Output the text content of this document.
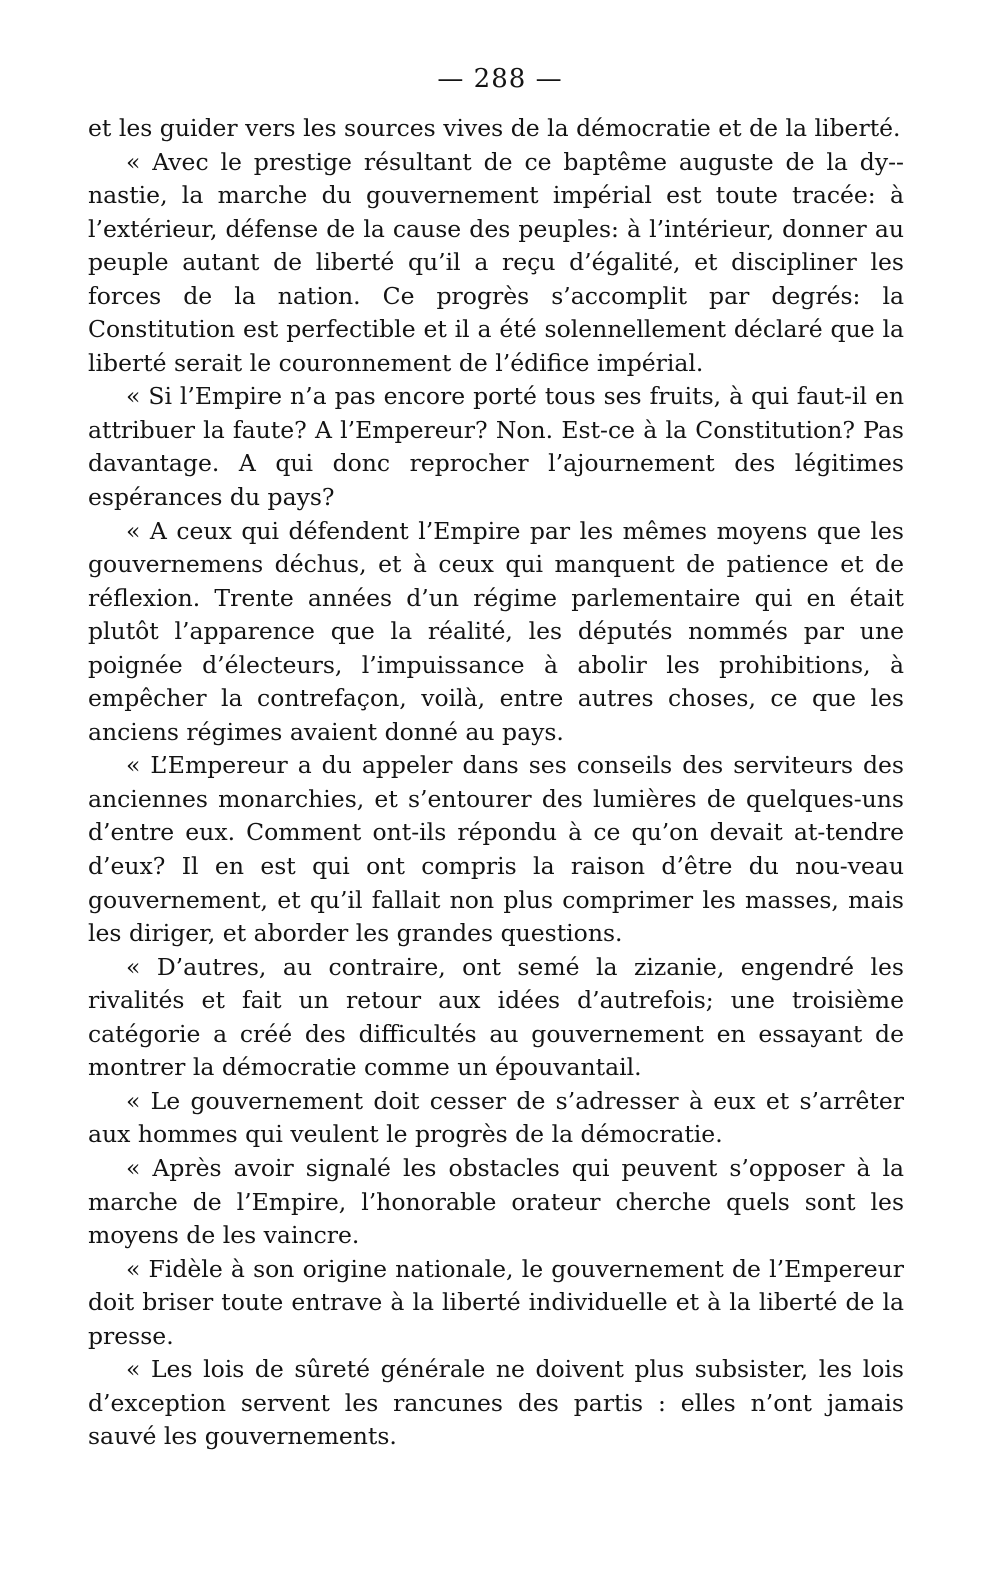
— 288 —

et les guider vers les sources vives de la démocratie et de la liberté.

« Avec le prestige résultant de ce baptême auguste de la dy-nastie, la marche du gouvernement impérial est toute tracée: à l’extérieur, défense de la cause des peuples: à l’intérieur, donner au peuple autant de liberté qu’il a reçu d’égalité, et discipliner les forces de la nation. Ce progrès s’accomplit par degrés: la Constitution est perfectible et il a été solennellement déclaré que la liberté serait le couronnement de l’édifice impérial.

« Si l’Empire n’a pas encore porté tous ses fruits, à qui faut-il en attribuer la faute? A l’Empereur? Non. Est-ce à la Constitution? Pas davantage. A qui donc reprocher l’ajournement des légitimes espérances du pays?

« A ceux qui défendent l’Empire par les mêmes moyens que les gouvernemens déchus, et à ceux qui manquent de patience et de réflexion. Trente années d’un régime parlementaire qui en était plutôt l’apparence que la réalité, les députés nommés par une poignée d’électeurs, l’impuissance à abolir les prohibitions, à empêcher la contrefaçon, voilà, entre autres choses, ce que les anciens régimes avaient donné au pays.

« L’Empereur a du appeler dans ses conseils des serviteurs des anciennes monarchies, et s’entourer des lumières de quelques-uns d’entre eux. Comment ont-ils répondu à ce qu’on devait at-tendre d’eux? Il en est qui ont compris la raison d’être du nou-veau gouvernement, et qu’il fallait non plus comprimer les masses, mais les diriger, et aborder les grandes questions.

« D’autres, au contraire, ont semé la zizanie, engendré les rivalités et fait un retour aux idées d’autrefois; une troisième catégorie a créé des difficultés au gouvernement en essayant de montrer la démocratie comme un épouvantail.

« Le gouvernement doit cesser de s’adresser à eux et s’arrêter aux hommes qui veulent le progrès de la démocratie.

« Après avoir signalé les obstacles qui peuvent s’opposer à la marche de l’Empire, l’honorable orateur cherche quels sont les moyens de les vaincre.

« Fidèle à son origine nationale, le gouvernement de l’Empereur doit briser toute entrave à la liberté individuelle et à la liberté de la presse.

« Les lois de sûreté générale ne doivent plus subsister, les lois d’exception servent les rancunes des partis : elles n’ont jamais sauvé les gouvernements.
